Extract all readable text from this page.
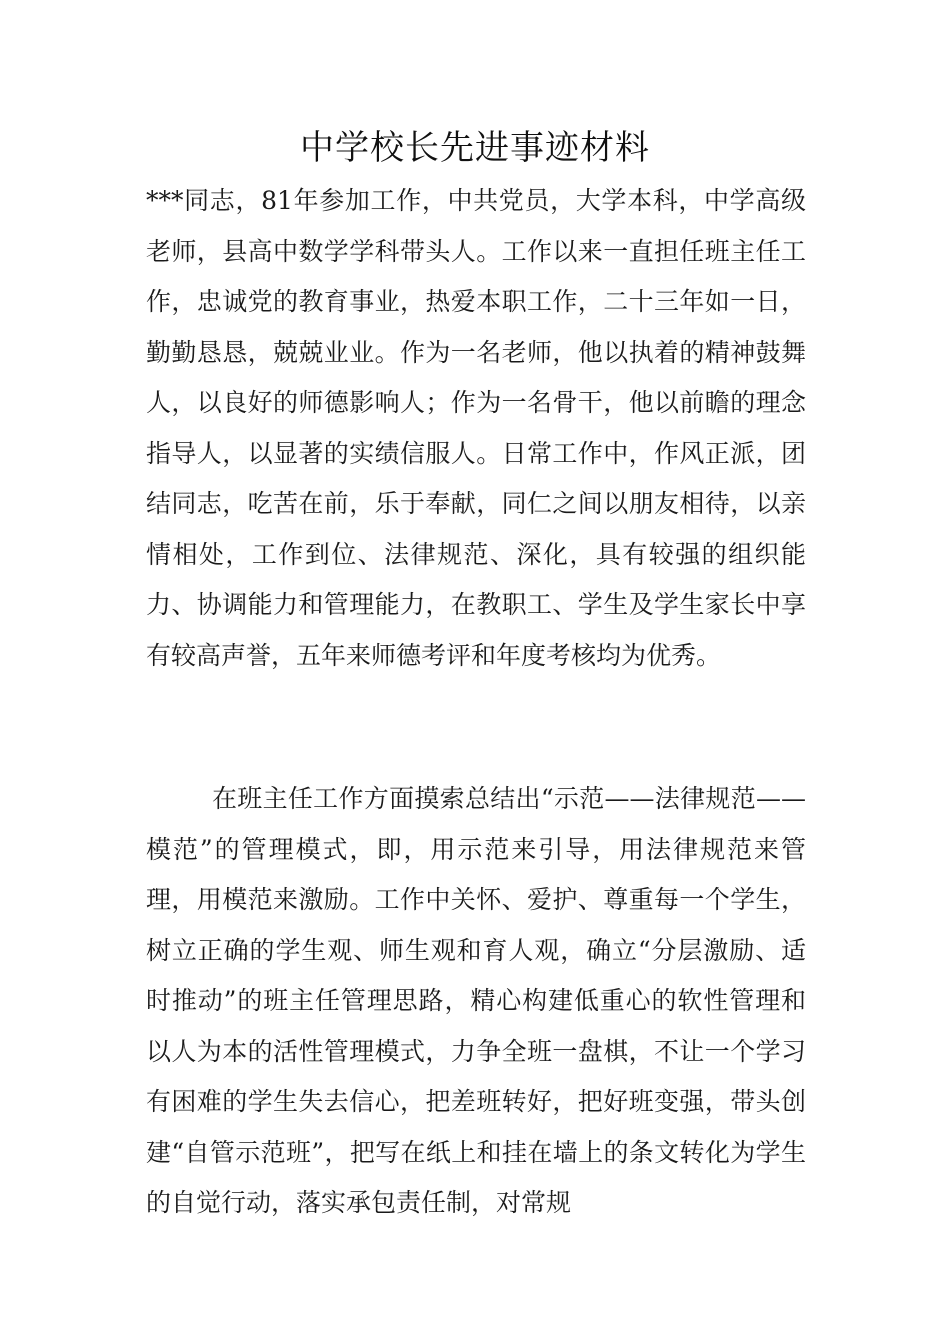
中学校长先进事迹材料

***同志，81年参加工作，中共党员，大学本科，中学高级老师，县高中数学学科带头人。工作以来一直担任班主任工作，忠诚党的教育事业，热爱本职工作，二十三年如一日，勤勤恳恳，兢兢业业。作为一名老师，他以执着的精神鼓舞人，以良好的师德影响人；作为一名骨干，他以前瞻的理念指导人，以显著的实绩信服人。日常工作中，作风正派，团结同志，吃苦在前，乐于奉献，同仁之间以朋友相待，以亲情相处，工作到位、法律规范、深化，具有较强的组织能力、协调能力和管理能力，在教职工、学生及学生家长中享有较高声誉，五年来师德考评和年度考核均为优秀。

在班主任工作方面摸索总结出“示范——法律规范——模范”的管理模式，即，用示范来引导，用法律规范来管理，用模范来激励。工作中关怀、爱护、尊重每一个学生，树立正确的学生观、师生观和育人观，确立“分层激励、适时推动”的班主任管理思路，精心构建低重心的软性管理和以人为本的活性管理模式，力争全班一盘棋，不让一个学习有困难的学生失去信心，把差班转好，把好班变强，带头创建“自管示范班”，把写在纸上和挂在墙上的条文转化为学生的自觉行动，落实承包责任制，对常规
